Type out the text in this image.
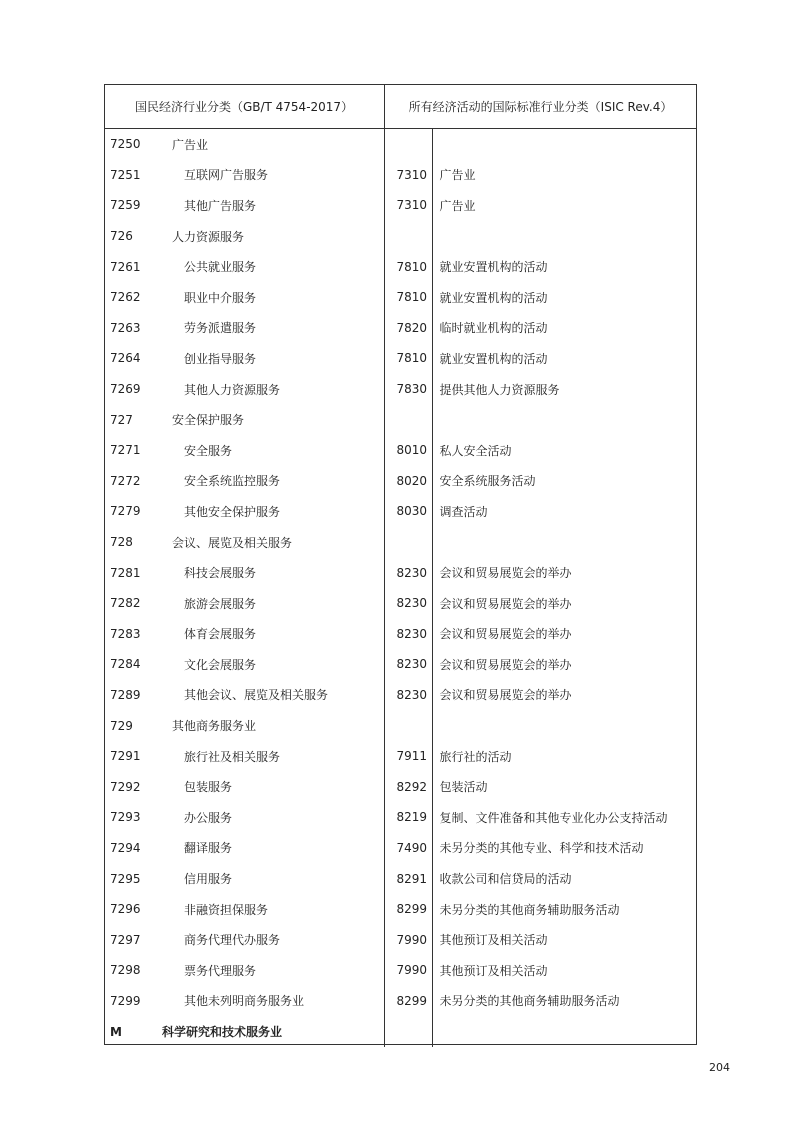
国民经济行业分类（GB/T 4754-2017）		所有经济活动的国际标准行业分类（ISIC Rev.4）	
7250	广告业		
7251	互联网广告服务	7310	广告业
7259	其他广告服务	7310	广告业
726	人力资源服务		
7261	公共就业服务	7810	就业安置机构的活动
7262	职业中介服务	7810	就业安置机构的活动
7263	劳务派遣服务	7820	临时就业机构的活动
7264	创业指导服务	7810	就业安置机构的活动
7269	其他人力资源服务	7830	提供其他人力资源服务
727	安全保护服务		
7271	安全服务	8010	私人安全活动
7272	安全系统监控服务	8020	安全系统服务活动
7279	其他安全保护服务	8030	调查活动
728	会议、展览及相关服务		
7281	科技会展服务	8230	会议和贸易展览会的举办
7282	旅游会展服务	8230	会议和贸易展览会的举办
7283	体育会展服务	8230	会议和贸易展览会的举办
7284	文化会展服务	8230	会议和贸易展览会的举办
7289	其他会议、展览及相关服务	8230	会议和贸易展览会的举办
729	其他商务服务业		
7291	旅行社及相关服务	7911	旅行社的活动
7292	包装服务	8292	包装活动
7293	办公服务	8219	复制、文件准备和其他专业化办公支持活动
7294	翻译服务	7490	未另分类的其他专业、科学和技术活动
7295	信用服务	8291	收款公司和信贷局的活动
7296	非融资担保服务	8299	未另分类的其他商务辅助服务活动
7297	商务代理代办服务	7990	其他预订及相关活动
7298	票务代理服务	7990	其他预订及相关活动
7299	其他未列明商务服务业	8299	未另分类的其他商务辅助服务活动
M	科学研究和技术服务业		
204
